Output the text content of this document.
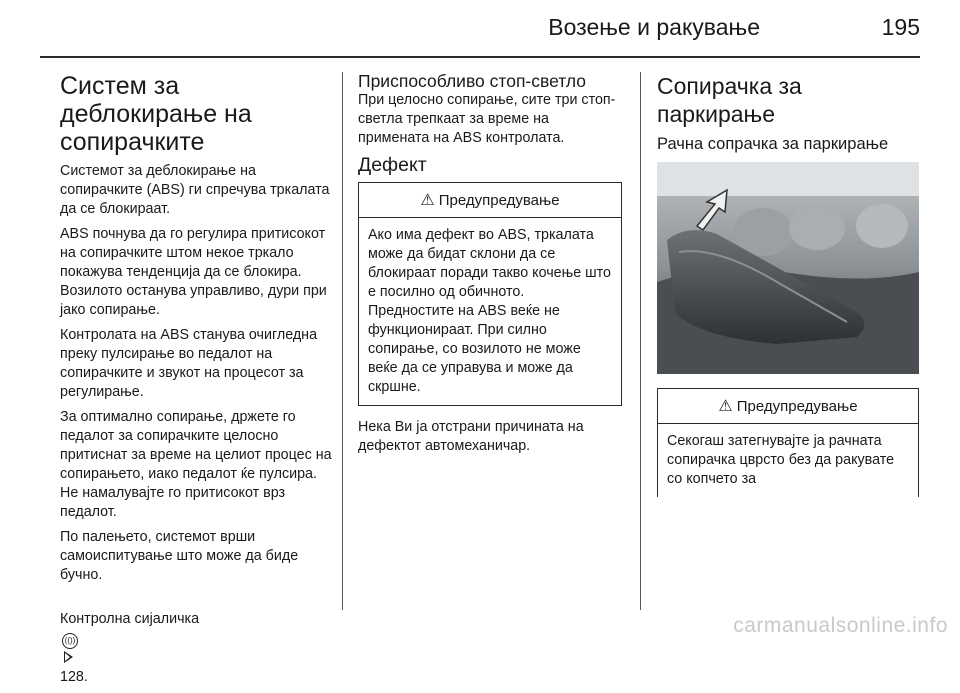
Возење и ракување	195
Систем за деблокирање на сопирачките

Системот за деблокирање на сопирачките (ABS) ги спречува тркалата да се блокираат.

ABS почнува да го регулира притисокот на сопирачките штом некое тркало покажува тенденција да се блокира. Возилото останува управливо, дури при јако сопирање.

Контролата на ABS станува очигледна преку пулсирање во педалот на сопирачките и звукот на процесот за регулирање.

За оптимално сопирање, држете го педалот за сопирачките целосно притиснат за време на целиот процес на сопирањето, иако педалот ќе пулсира. Не намалувајте го притисокот врз педалот.

По палењето, системот врши самоиспитување што може да биде бучно.

Контролна сијаличка
(())

128.

Приспособливо стоп-светло

При целосно сопирање, сите три стоп-светла трепкаат за време на примената на ABS контролата.

Дефект
⚠ Предупредување
Ако има дефект во ABS, тркалата може да бидат склони да се блокираат поради такво кочење што е посилно од обичното. Предностите на ABS веќе не функционираат. При силно сопирање, со возилото не може веќе да се управува и може да скршне.

Нека Ви ја отстрани причината на дефектот автомеханичар.

Сопирачка за паркирање
Рачна сопрачка за паркирање
⚠ Предупредување
Секогаш затегнувајте ја рачната сопирачка цврсто без да ракувате со копчето за
carmanualsonline.info
